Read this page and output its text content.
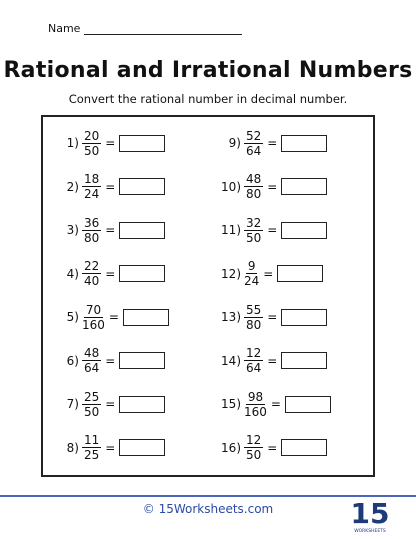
Name
Rational and Irrational Numbers
Convert the rational number in decimal number.
$1) \frac{20}{50}$ =
$2) \frac{18}{24}$ =
$3) \frac{36}{80}$ =
$4) \frac{22}{40}$ =
$5) \frac{70}{160}$ =
$6) \frac{48}{64}$ =
$7) \frac{25}{50}$ =
$8) \frac{11}{25}$ =
$9) \frac{52}{64}$ =
$10) \frac{48}{80}$ =
$11) \frac{32}{50}$ =
$12) \frac{9}{24}$ =
$13) \frac{55}{80}$ =
$14) \frac{12}{64}$ =
$15) \frac{98}{160}$ =
$16) \frac{12}{50}$ =
© 15Worksheets.com	15
WORKSHEETS
